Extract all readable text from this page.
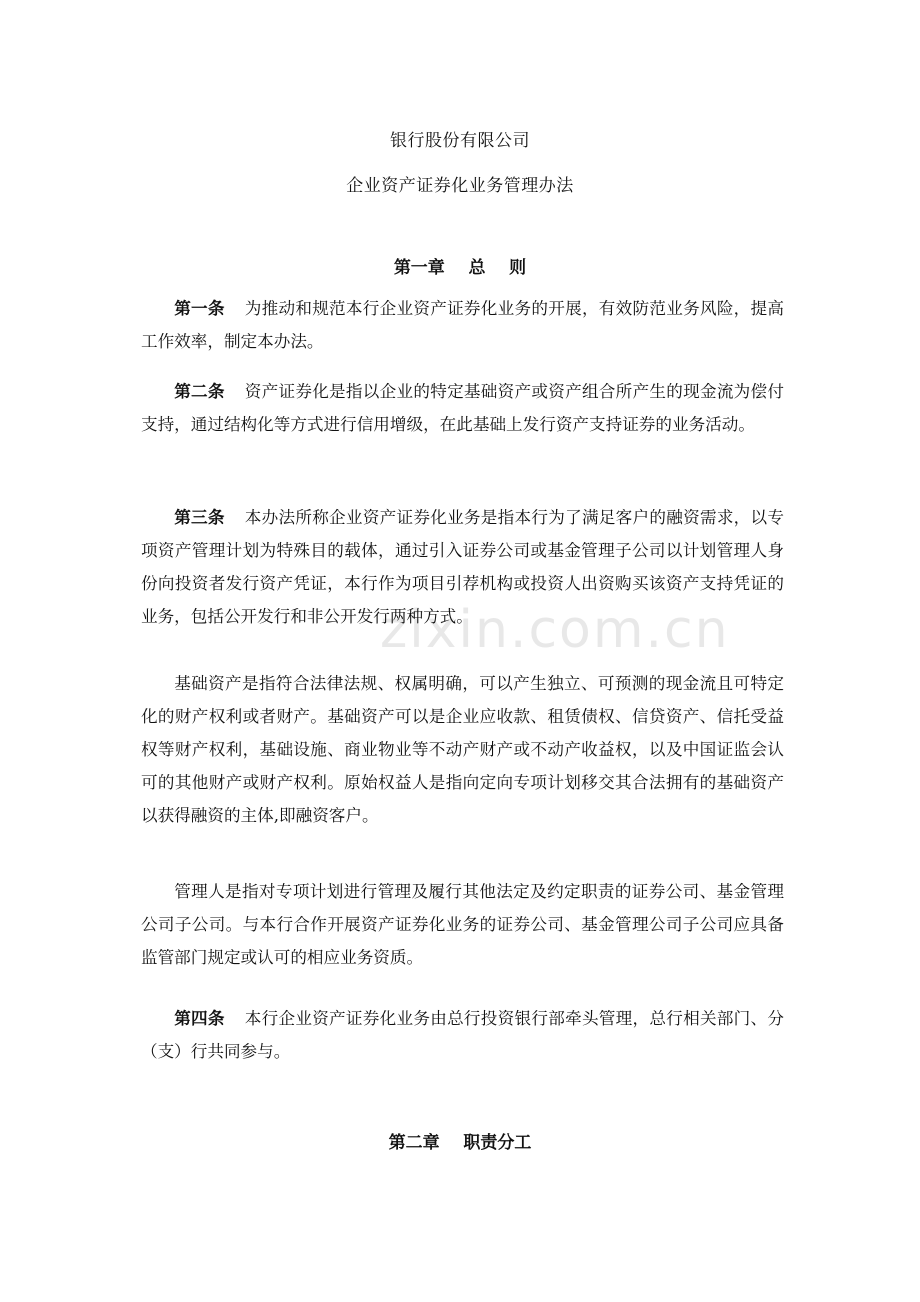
zixin.com.cn
银行股份有限公司
企业资产证券化业务管理办法
第一章    总    则

第一条 为推动和规范本行企业资产证券化业务的开展，有效防范业务风险，提高工作效率，制定本办法。

第二条 资产证券化是指以企业的特定基础资产或资产组合所产生的现金流为偿付支持，通过结构化等方式进行信用增级，在此基础上发行资产支持证券的业务活动。

第三条 本办法所称企业资产证券化业务是指本行为了满足客户的融资需求，以专项资产管理计划为特殊目的载体，通过引入证券公司或基金管理子公司以计划管理人身份向投资者发行资产凭证，本行作为项目引荐机构或投资人出资购买该资产支持凭证的业务，包括公开发行和非公开发行两种方式。

基础资产是指符合法律法规、权属明确，可以产生独立、可预测的现金流且可特定化的财产权利或者财产。基础资产可以是企业应收款、租赁债权、信贷资产、信托受益权等财产权利，基础设施、商业物业等不动产财产或不动产收益权，以及中国证监会认可的其他财产或财产权利。原始权益人是指向定向专项计划移交其合法拥有的基础资产以获得融资的主体,即融资客户。

管理人是指对专项计划进行管理及履行其他法定及约定职责的证券公司、基金管理公司子公司。与本行合作开展资产证券化业务的证券公司、基金管理公司子公司应具备监管部门规定或认可的相应业务资质。

第四条 本行企业资产证券化业务由总行投资银行部牵头管理，总行相关部门、分（支）行共同参与。

第二章    职责分工
